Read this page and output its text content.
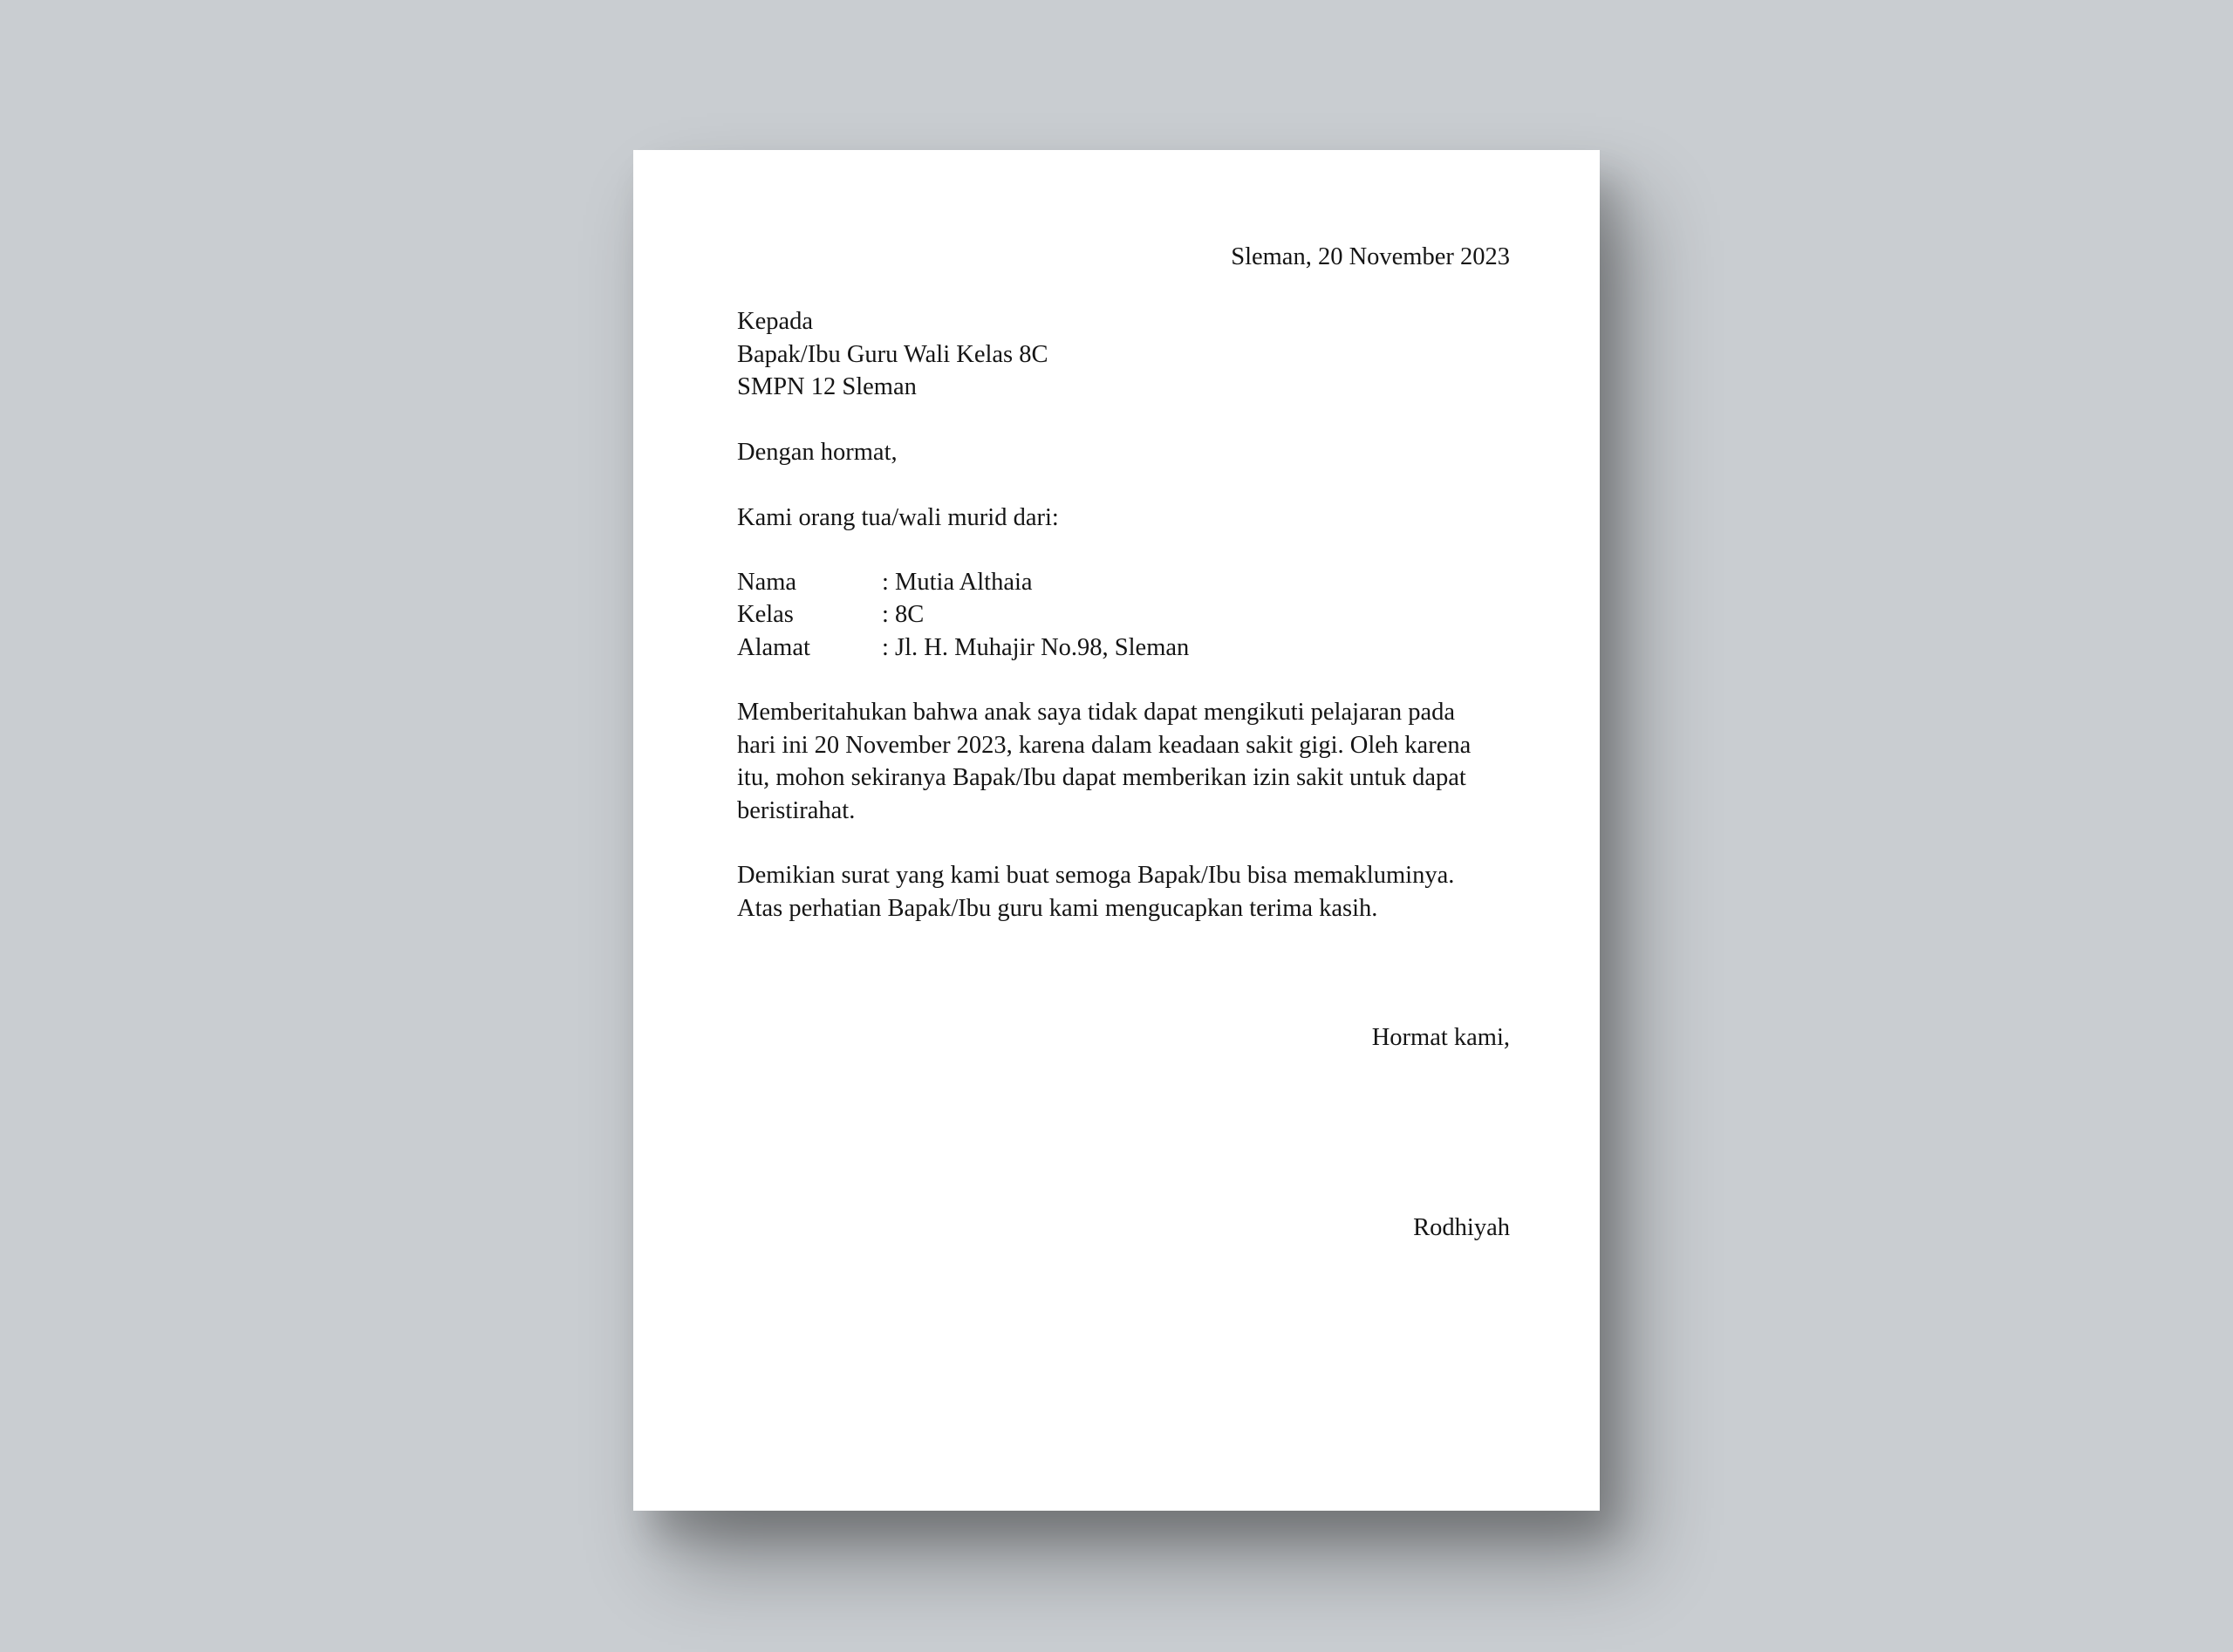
Sleman, 20 November 2023
Kepada
Bapak/Ibu Guru Wali Kelas 8C
SMPN 12 Sleman
Dengan hormat,
Kami orang tua/wali murid dari:
Nama	: Mutia Althaia
Kelas	: 8C
Alamat	: Jl. H. Muhajir No.98, Sleman
Memberitahukan bahwa anak saya tidak dapat mengikuti pelajaran pada
hari ini 20 November 2023, karena dalam keadaan sakit gigi. Oleh karena
itu, mohon sekiranya Bapak/Ibu dapat memberikan izin sakit untuk dapat
beristirahat.
Demikian surat yang kami buat semoga Bapak/Ibu bisa memakluminya.
Atas perhatian Bapak/Ibu guru kami mengucapkan terima kasih.
Hormat kami,
Rodhiyah
